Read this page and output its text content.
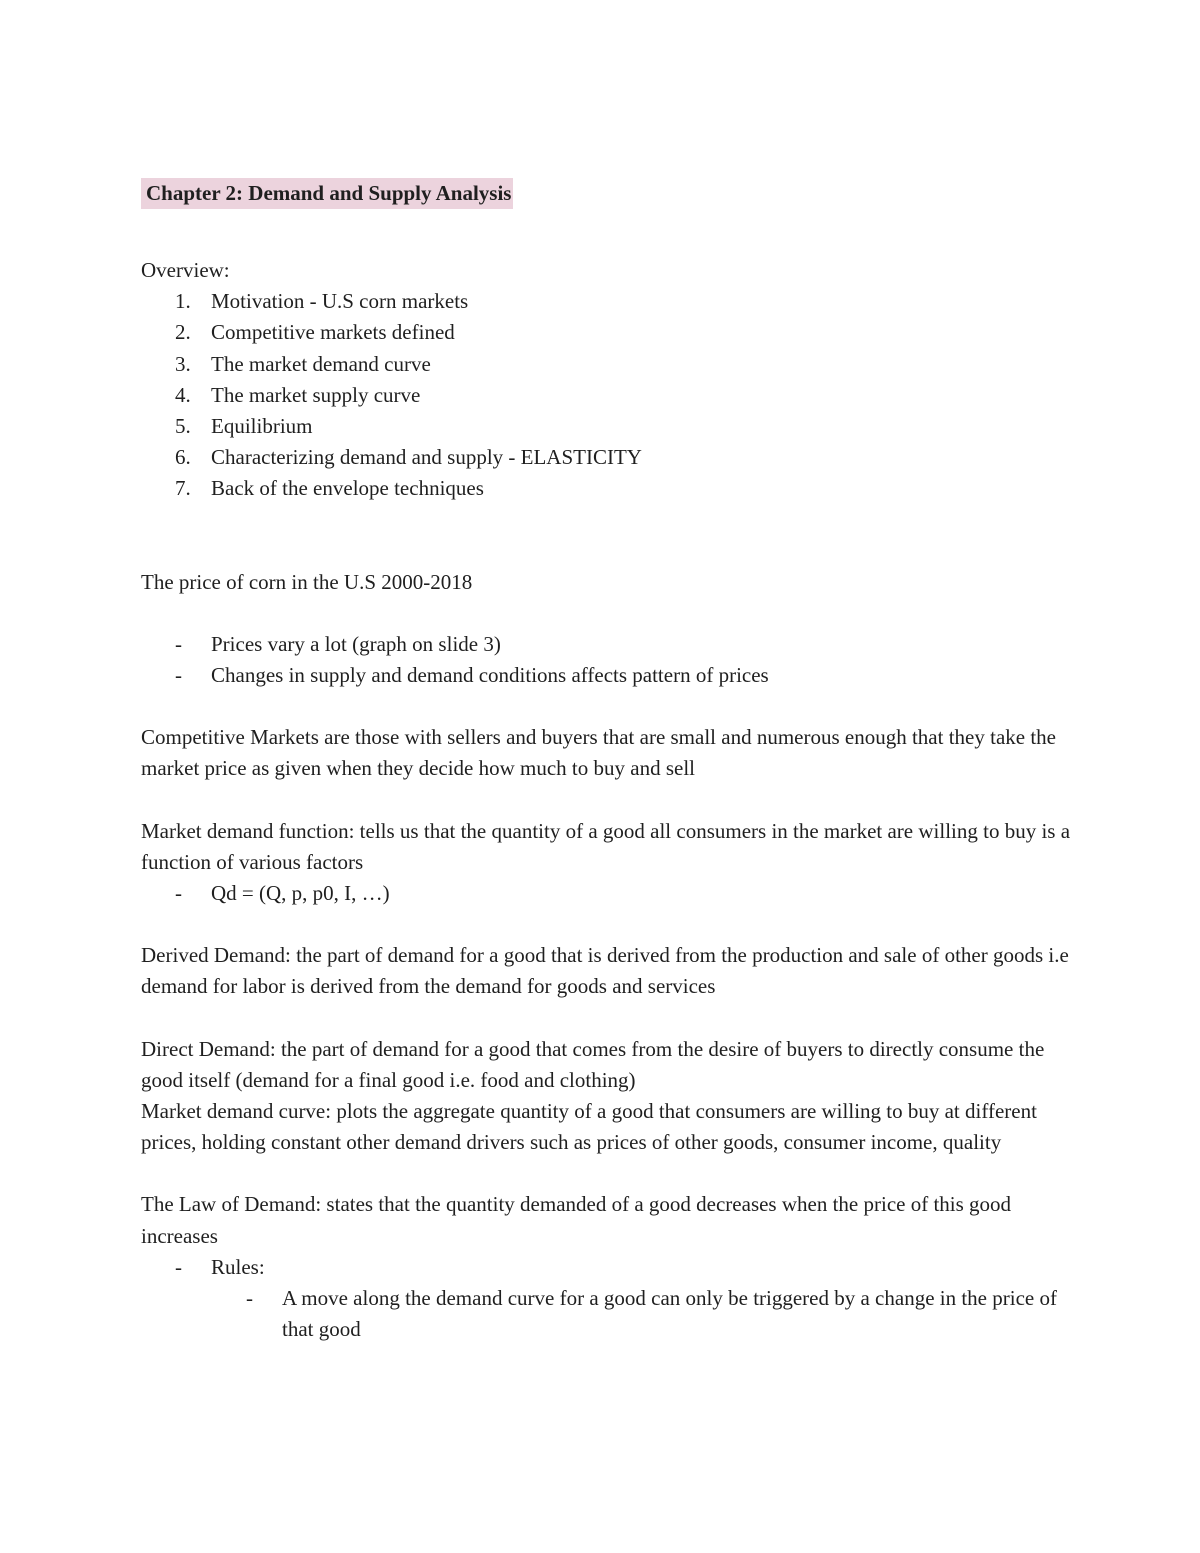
Chapter 2: Demand and Supply Analysis

Overview:

1. Motivation - U.S corn markets
2. Competitive markets defined
3. The market demand curve
4. The market supply curve
5. Equilibrium
6. Characterizing demand and supply - ELASTICITY
7. Back of the envelope techniques

The price of corn in the U.S 2000-2018

- Prices vary a lot (graph on slide 3)
- Changes in supply and demand conditions affects pattern of prices

Competitive Markets are those with sellers and buyers that are small and numerous enough that they take the market price as given when they decide how much to buy and sell

Market demand function: tells us that the quantity of a good all consumers in the market are willing to buy is a function of various factors

- Qd = (Q, p, p0, I, …)

Derived Demand: the part of demand for a good that is derived from the production and sale of other goods i.e demand for labor is derived from the demand for goods and services

Direct Demand: the part of demand for a good that comes from the desire of buyers to directly consume the good itself (demand for a final good i.e. food and clothing)

Market demand curve: plots the aggregate quantity of a good that consumers are willing to buy at different prices, holding constant other demand drivers such as prices of other goods, consumer income, quality

The Law of Demand: states that the quantity demanded of a good decreases when the price of this good increases

- Rules:
- A move along the demand curve for a good can only be triggered by a change in the price of that good
